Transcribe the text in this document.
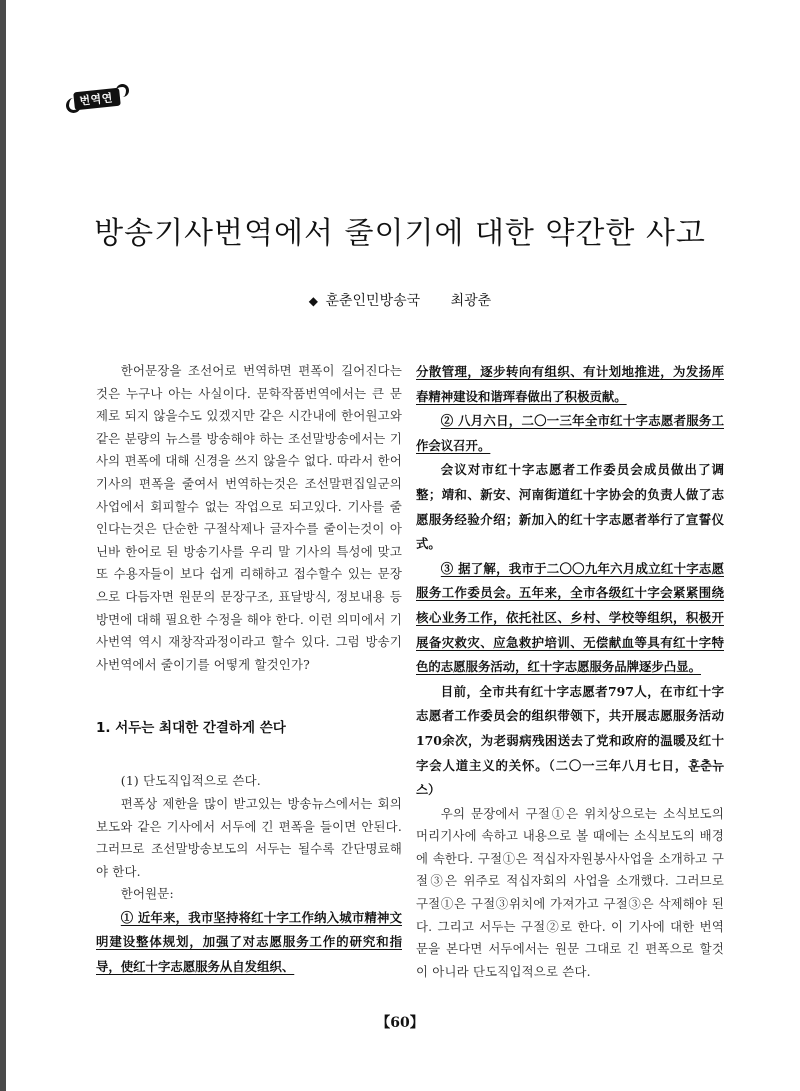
번역연구
방송기사번역에서 줄이기에 대한 약간한 사고
◆ 훈춘인민방송국 최광춘

한어문장을 조선어로 번역하면 편폭이 길어진다는것은 누구나 아는 사실이다. 문학작품번역에서는 큰 문제로 되지 않을수도 있겠지만 같은 시간내에 한어원고와 같은 분량의 뉴스를 방송해야 하는 조선말방송에서는 기사의 편폭에 대해 신경을 쓰지 않을수 없다. 따라서 한어기사의 편폭을 줄여서 번역하는것은 조선말편집일군의 사업에서 회피할수 없는 작업으로 되고있다. 기사를 줄인다는것은 단순한 구절삭제나 글자수를 줄이는것이 아닌바 한어로 된 방송기사를 우리 말 기사의 특성에 맞고 또 수용자들이 보다 쉽게 리해하고 접수할수 있는 문장으로 다듬자면 원문의 문장구조, 표달방식, 정보내용 등 방면에 대해 필요한 수정을 해야 한다. 이런 의미에서 기사번역 역시 재창작과정이라고 할수 있다. 그럼 방송기사번역에서 줄이기를 어떻게 할것인가?

1. 서두는 최대한 간결하게 쓴다

(1) 단도직입적으로 쓴다.

편폭상 제한을 많이 받고있는 방송뉴스에서는 회의보도와 같은 기사에서 서두에 긴 편폭을 들이면 안된다. 그러므로 조선말방송보도의 서두는 될수록 간단명료해야 한다.

한어원문:

① 近年来，我市坚持将红十字工作纳入城市精神文明建设整体规划，加强了对志愿服务工作的研究和指导，使红十字志愿服务从自发组织、

分散管理，逐步转向有组织、有计划地推进，为发扬厍春精神建设和谐珲春做出了积极贡献。

② 八月六日，二〇一三年全市红十字志愿者服务工作会议召开。

会议对市红十字志愿者工作委员会成员做出了调整；靖和、新安、河南街道红十字协会的负责人做了志愿服务经验介绍；新加入的红十字志愿者举行了宣誓仪式。

③ 据了解，我市于二〇〇九年六月成立红十字志愿服务工作委员会。五年来，全市各级红十字会紧紧围绕核心业务工作，依托社区、乡村、学校等组织，积极开展备灾救灾、应急救护培训、无偿献血等具有红十字特色的志愿服务活动，红十字志愿服务品牌逐步凸显。

目前，全市共有红十字志愿者797人，在市红十字志愿者工作委员会的组织带领下，共开展志愿服务活动170余次，为老弱病残困送去了党和政府的温暖及红十字会人道主义的关怀。（二〇一三年八月七日，훈춘뉴스）

우의 문장에서 구절①은 위치상으로는 소식보도의 머리기사에 속하고 내용으로 볼 때에는 소식보도의 배경에 속한다. 구절①은 적십자자원봉사사업을 소개하고 구절③은 위주로 적십자회의 사업을 소개했다. 그러므로 구절①은 구절③위치에 가져가고 구절③은 삭제해야 된다. 그리고 서두는 구절②로 한다. 이 기사에 대한 번역문을 본다면 서두에서는 원문 그대로 긴 편폭으로 할것이 아니라 단도직입적으로 쓴다.

【60】
